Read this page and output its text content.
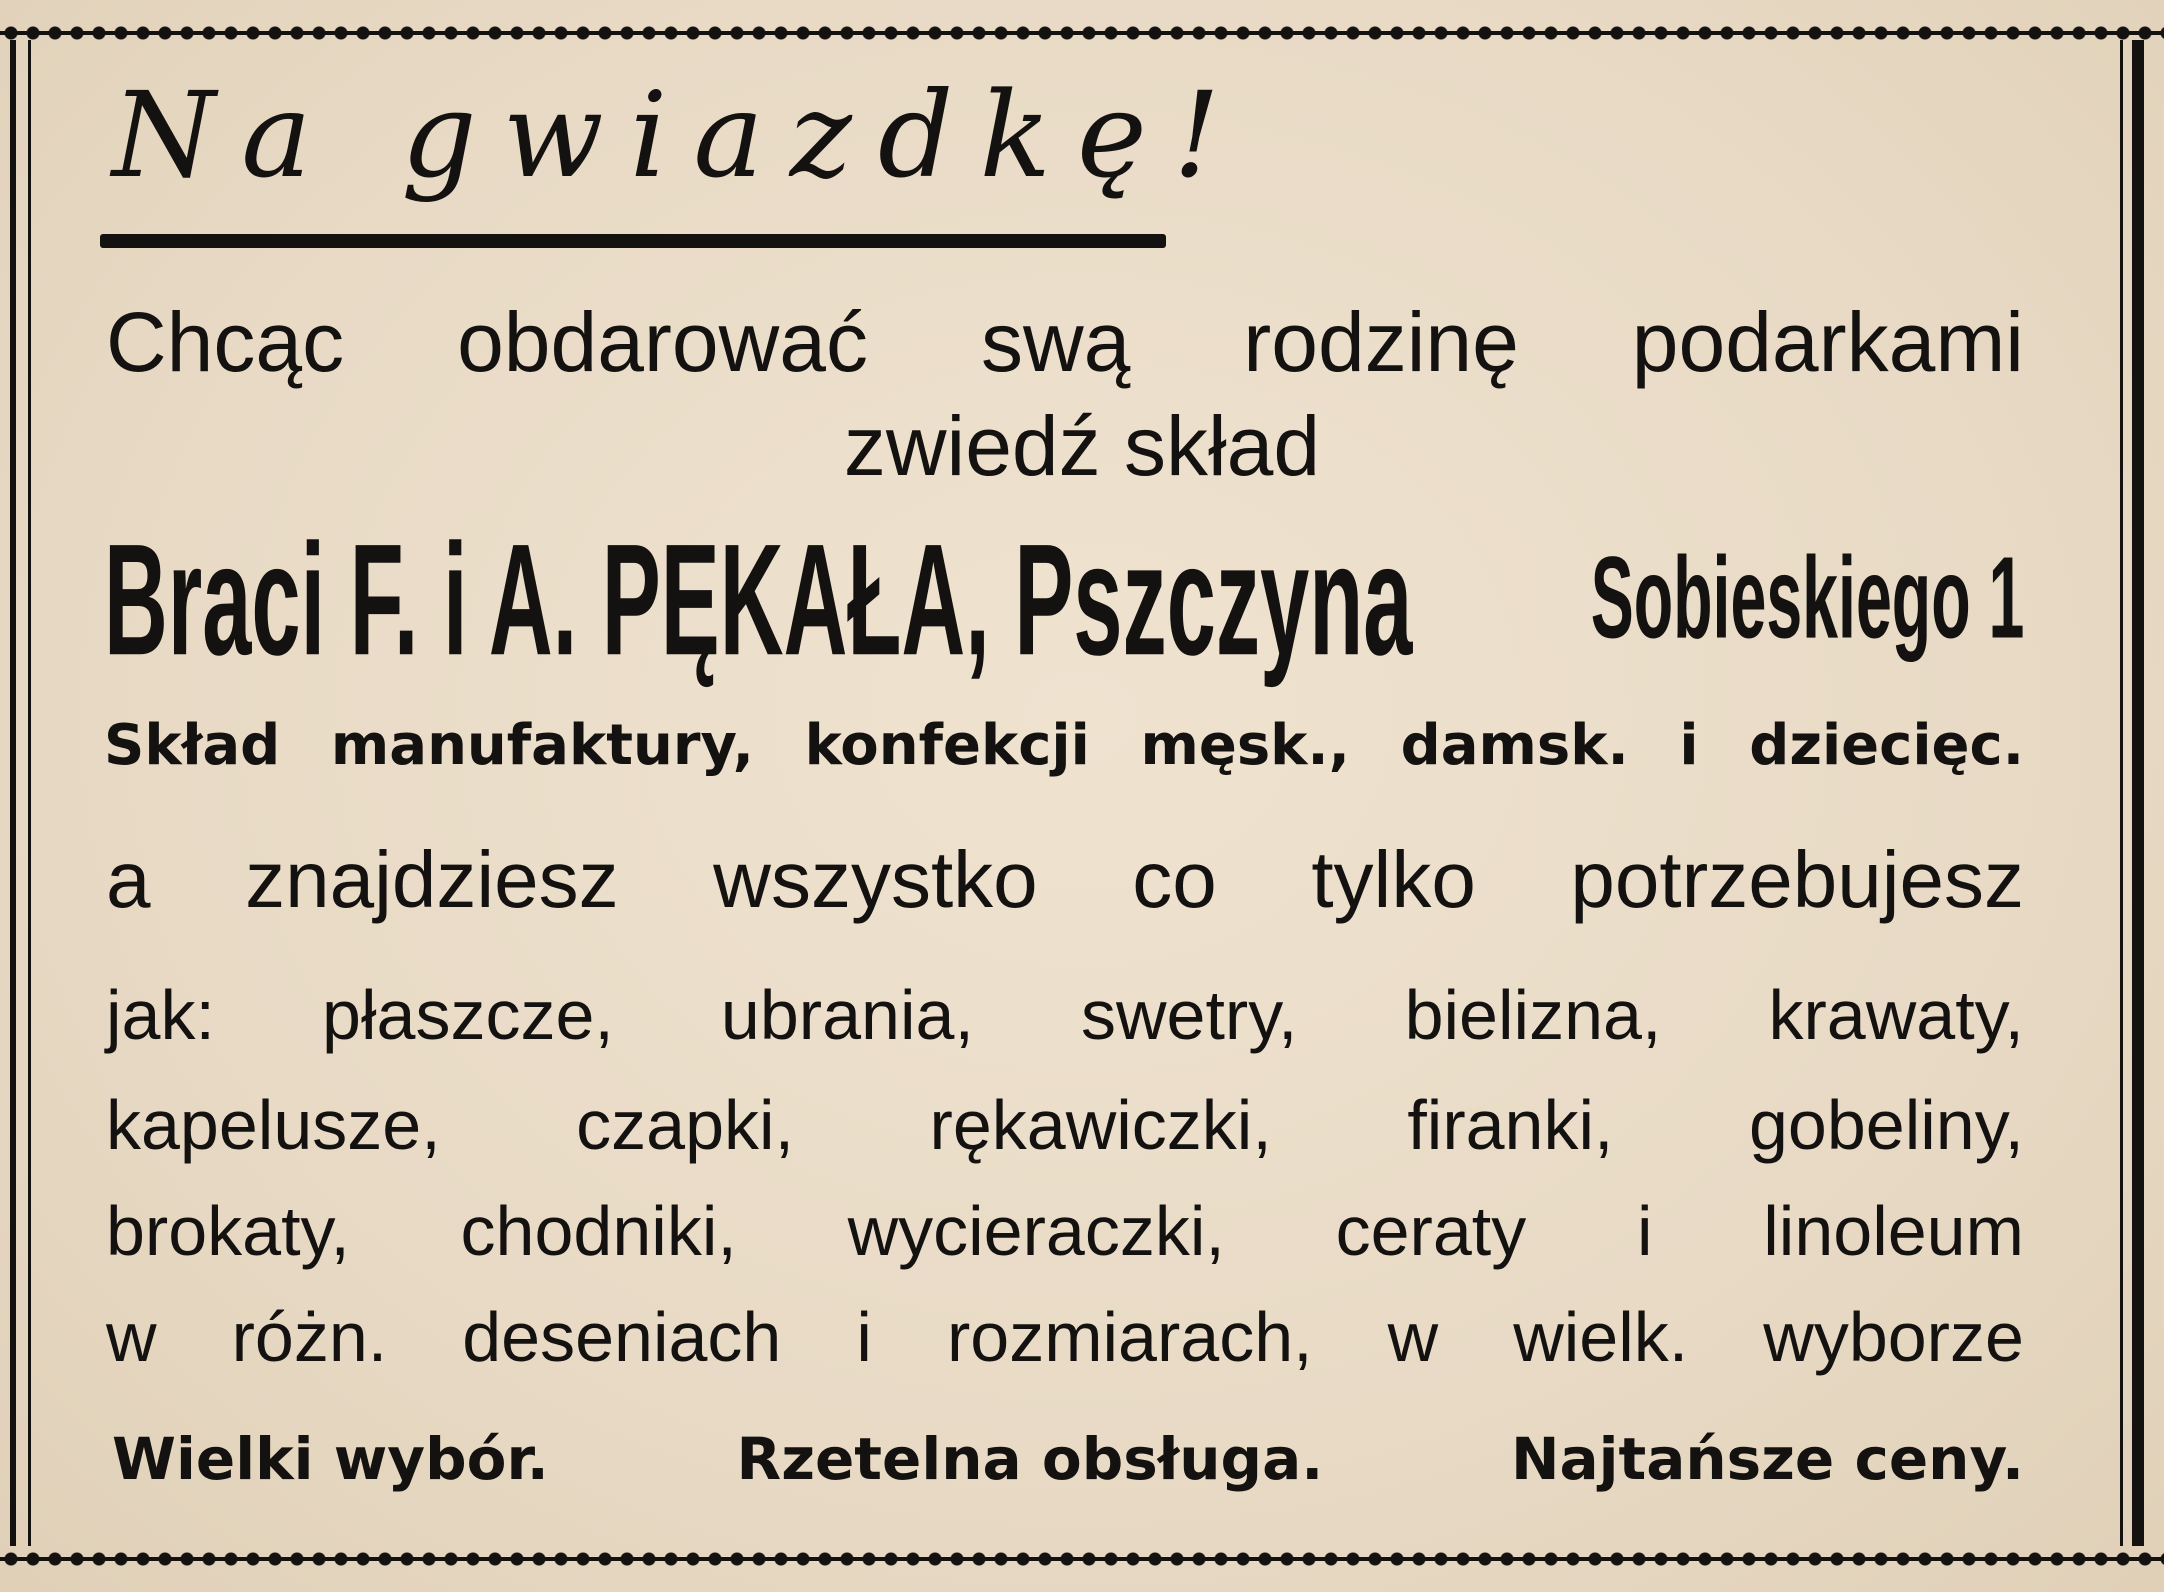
Na gwiazdkę!
Chcąc obdarować swą rodzinę podarkami
zwiedź skład
Braci F. i A. PĘKAŁA, Pszczyna Sobieskiego 1
Skład manufaktury, konfekcji męsk., damsk. i dziecięc.
a znajdziesz wszystko co tylko potrzebujesz
jak: płaszcze, ubrania, swetry, bielizna, krawaty,
kapelusze, czapki, rękawiczki, firanki, gobeliny,
brokaty, chodniki, wycieraczki, ceraty i linoleum
w różn. deseniach i rozmiarach, w wielk. wyborze
Wielki wybór.	Rzetelna obsługa.	Najtańsze ceny.
